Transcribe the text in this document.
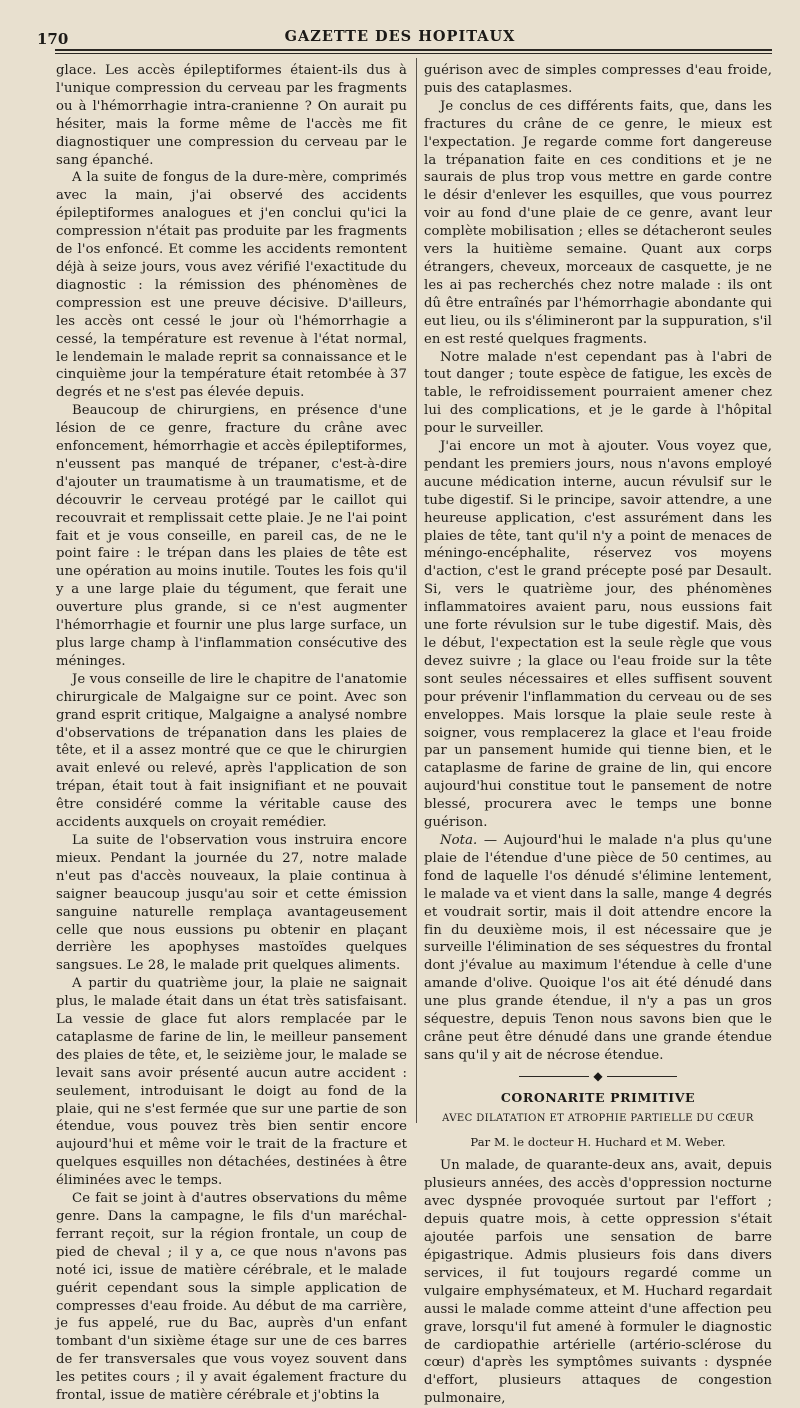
170	GAZETTE DES HOPITAUX

glace. Les accès épileptiformes étaient-ils dus à l'unique compression du cerveau par les fragments ou à l'hémorrhagie intra-cranienne ? On aurait pu hésiter, mais la forme même de l'accès me fit diagnostiquer une compression du cerveau par le sang épanché.

A la suite de fongus de la dure-mère, comprimés avec la main, j'ai observé des accidents épileptiformes analogues et j'en conclui qu'ici la compression n'était pas produite par les fragments de l'os enfoncé. Et comme les accidents remontent déjà à seize jours, vous avez vérifié l'exactitude du diagnostic : la rémission des phénomènes de compression est une preuve décisive. D'ailleurs, les accès ont cessé le jour où l'hémorrhagie a cessé, la température est revenue à l'état normal, le lendemain le malade reprit sa connaissance et le cinquième jour la température était retombée à 37 degrés et ne s'est pas élevée depuis.

Beaucoup de chirurgiens, en présence d'une lésion de ce genre, fracture du crâne avec enfoncement, hémorrhagie et accès épileptiformes, n'eussent pas manqué de trépaner, c'est-à-dire d'ajouter un traumatisme à un traumatisme, et de découvrir le cerveau protégé par le caillot qui recouvrait et remplissait cette plaie. Je ne l'ai point fait et je vous conseille, en pareil cas, de ne le point faire : le trépan dans les plaies de tête est une opération au moins inutile. Toutes les fois qu'il y a une large plaie du tégument, que ferait une ouverture plus grande, si ce n'est augmenter l'hémorrhagie et fournir une plus large surface, un plus large champ à l'inflammation consécutive des méninges.

Je vous conseille de lire le chapitre de l'anatomie chirurgicale de Malgaigne sur ce point. Avec son grand esprit critique, Malgaigne a analysé nombre d'observations de trépanation dans les plaies de tête, et il a assez montré que ce que le chirurgien avait enlevé ou relevé, après l'application de son trépan, était tout à fait insignifiant et ne pouvait être considéré comme la véritable cause des accidents auxquels on croyait remédier.

La suite de l'observation vous instruira encore mieux. Pendant la journée du 27, notre malade n'eut pas d'accès nouveaux, la plaie continua à saigner beaucoup jusqu'au soir et cette émission sanguine naturelle remplaça avantageusement celle que nous eussions pu obtenir en plaçant derrière les apophyses mastoïdes quelques sangsues. Le 28, le malade prit quelques aliments.

A partir du quatrième jour, la plaie ne saignait plus, le malade était dans un état très satisfaisant. La vessie de glace fut alors remplacée par le cataplasme de farine de lin, le meilleur pansement des plaies de tête, et, le seizième jour, le malade se levait sans avoir présenté aucun autre accident : seulement, introduisant le doigt au fond de la plaie, qui ne s'est fermée que sur une partie de son étendue, vous pouvez très bien sentir encore aujourd'hui et même voir le trait de la fracture et quelques esquilles non détachées, destinées à être éliminées avec le temps.

Ce fait se joint à d'autres observations du même genre. Dans la campagne, le fils d'un maréchal-ferrant reçoit, sur la région frontale, un coup de pied de cheval ; il y a, ce que nous n'avons pas noté ici, issue de matière cérébrale, et le malade guérit cependant sous la simple application de compresses d'eau froide. Au début de ma carrière, je fus appelé, rue du Bac, auprès d'un enfant tombant d'un sixième étage sur une de ces barres de fer transversales que vous voyez souvent dans les petites cours ; il y avait également fracture du frontal, issue de matière cérébrale et j'obtins la

guérison avec de simples compresses d'eau froide, puis des cataplasmes.

Je conclus de ces différents faits, que, dans les fractures du crâne de ce genre, le mieux est l'expectation. Je regarde comme fort dangereuse la trépanation faite en ces conditions et je ne saurais de plus trop vous mettre en garde contre le désir d'enlever les esquilles, que vous pourrez voir au fond d'une plaie de ce genre, avant leur complète mobilisation ; elles se détacheront seules vers la huitième semaine. Quant aux corps étrangers, cheveux, morceaux de casquette, je ne les ai pas recherchés chez notre malade : ils ont dû être entraînés par l'hémorrhagie abondante qui eut lieu, ou ils s'élimineront par la suppuration, s'il en est resté quelques fragments.

Notre malade n'est cependant pas à l'abri de tout danger ; toute espèce de fatigue, les excès de table, le refroidissement pourraient amener chez lui des complications, et je le garde à l'hôpital pour le surveiller.

J'ai encore un mot à ajouter. Vous voyez que, pendant les premiers jours, nous n'avons employé aucune médication interne, aucun révulsif sur le tube digestif. Si le principe, savoir attendre, a une heureuse application, c'est assurément dans les plaies de tête, tant qu'il n'y a point de menaces de méningo-encéphalite, réservez vos moyens d'action, c'est le grand précepte posé par Desault. Si, vers le quatrième jour, des phénomènes inflammatoires avaient paru, nous eussions fait une forte révulsion sur le tube digestif. Mais, dès le début, l'expectation est la seule règle que vous devez suivre ; la glace ou l'eau froide sur la tête sont seules nécessaires et elles suffisent souvent pour prévenir l'inflammation du cerveau ou de ses enveloppes. Mais lorsque la plaie seule reste à soigner, vous remplacerez la glace et l'eau froide par un pansement humide qui tienne bien, et le cataplasme de farine de graine de lin, qui encore aujourd'hui constitue tout le pansement de notre blessé, procurera avec le temps une bonne guérison.

Nota. — Aujourd'hui le malade n'a plus qu'une plaie de l'étendue d'une pièce de 50 centimes, au fond de laquelle l'os dénudé s'élimine lentement, le malade va et vient dans la salle, mange 4 degrés et voudrait sortir, mais il doit attendre encore la fin du deuxième mois, il est nécessaire que je surveille l'élimination de ses séquestres du frontal dont j'évalue au maximum l'étendue à celle d'une amande d'olive. Quoique l'os ait été dénudé dans une plus grande étendue, il n'y a pas un gros séquestre, depuis Tenon nous savons bien que le crâne peut être dénudé dans une grande étendue sans qu'il y ait de nécrose étendue.

◆
CORONARITE PRIMITIVE
AVEC DILATATION ET ATROPHIE PARTIELLE DU CŒUR
Par M. le docteur H. Huchard et M. Weber.

Un malade, de quarante-deux ans, avait, depuis plusieurs années, des accès d'oppression nocturne avec dyspnée provoquée surtout par l'effort ; depuis quatre mois, à cette oppression s'était ajoutée parfois une sensation de barre épigastrique. Admis plusieurs fois dans divers services, il fut toujours regardé comme un vulgaire emphysémateux, et M. Huchard regardait aussi le malade comme atteint d'une affection peu grave, lorsqu'il fut amené à formuler le diagnostic de cardiopathie artérielle (artério-sclérose du cœur) d'après les symptômes suivants : dyspnée d'effort, plusieurs attaques de congestion pulmonaire,
